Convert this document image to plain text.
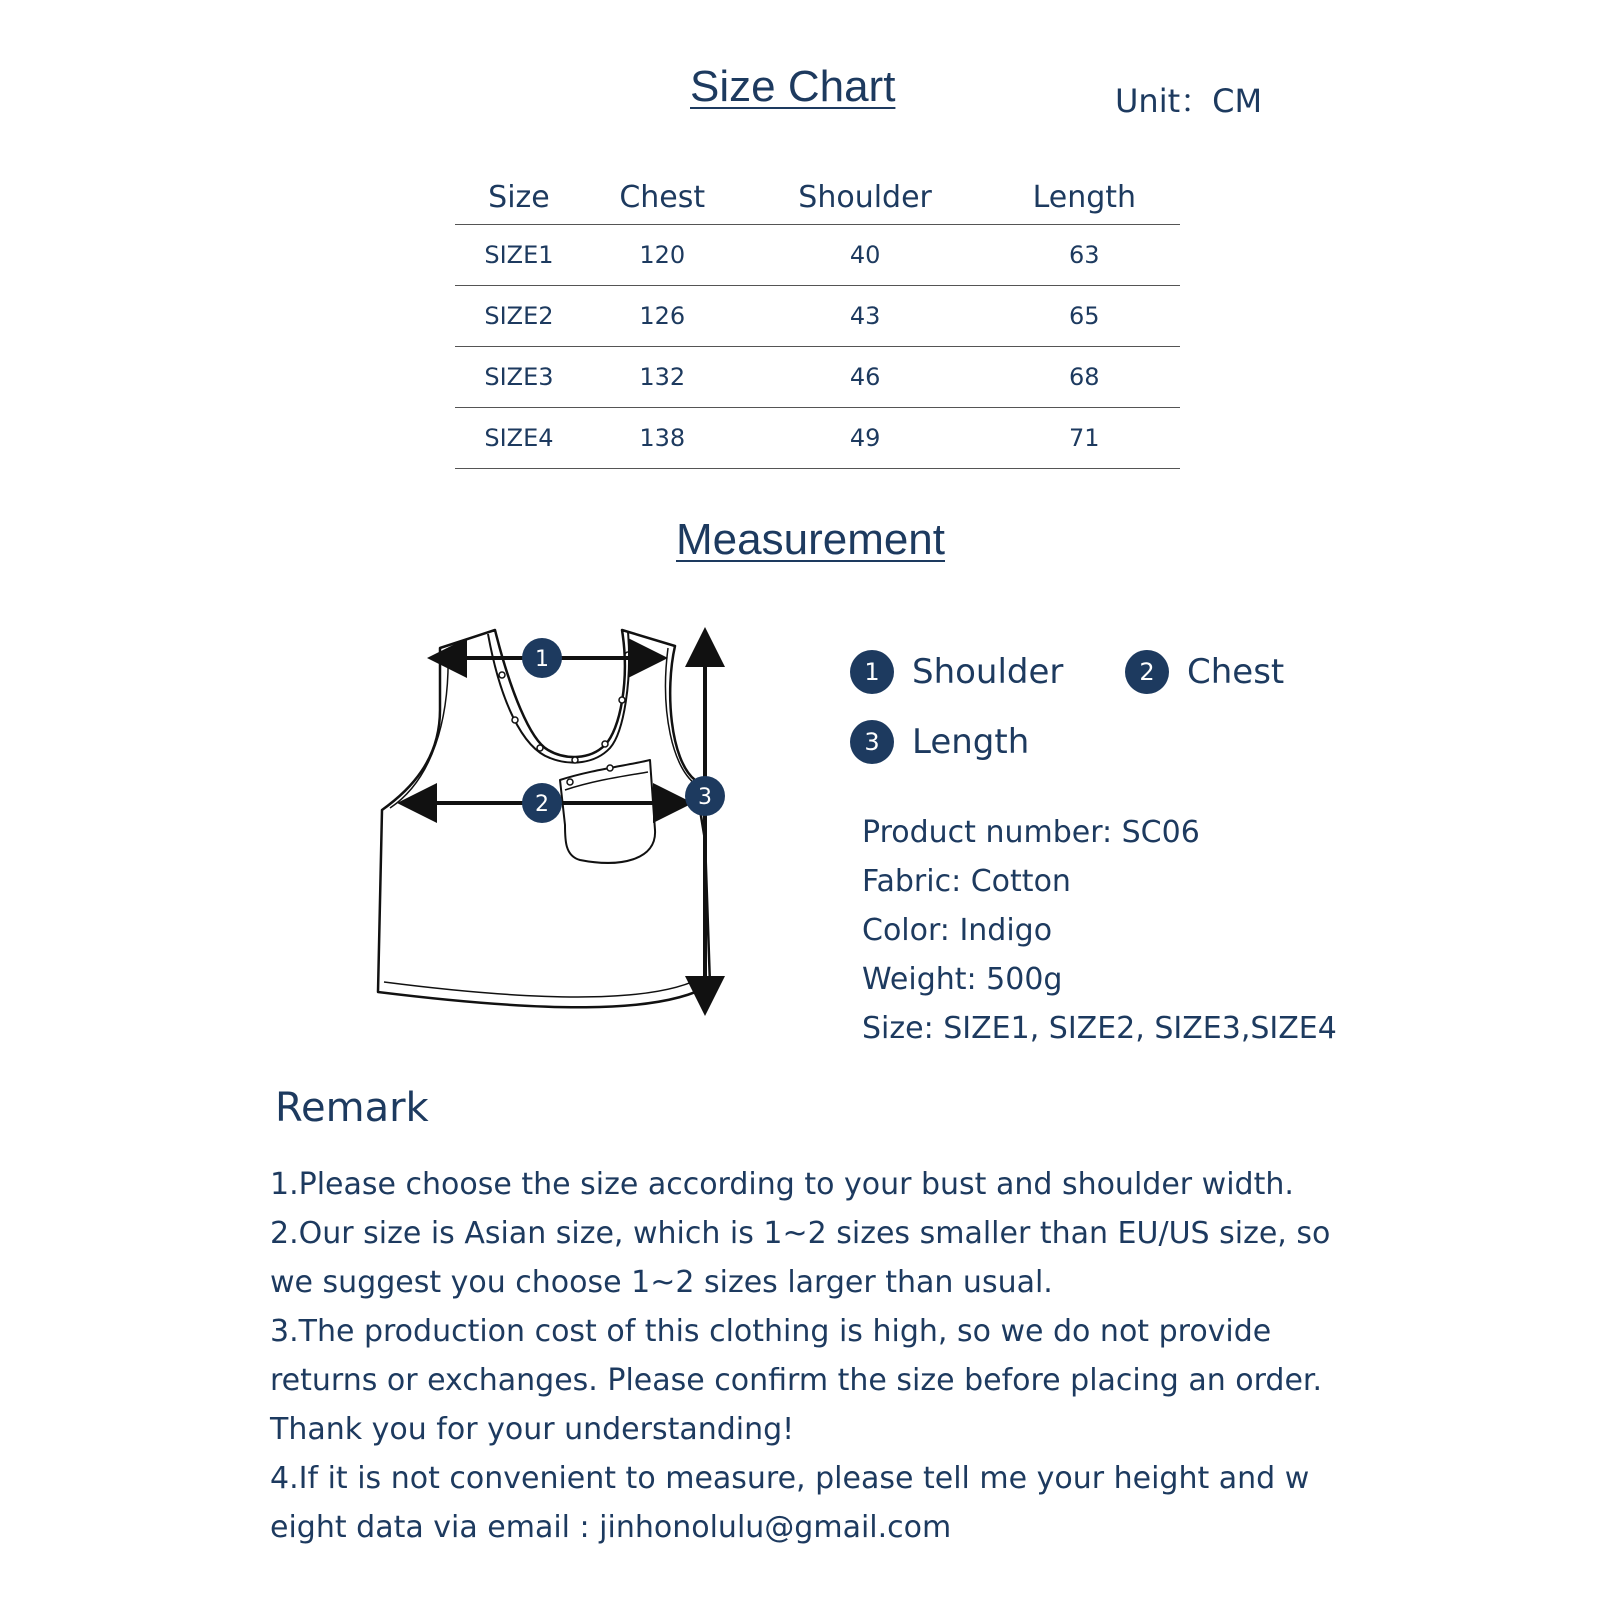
Size Chart	Unit：CM
Size	Chest	Shoulder	Length
SIZE1	120	40	63
SIZE2	126	43	65
SIZE3	132	46	68
SIZE4	138	49	71
Measurement
1
2	3
1 Shoulder	2 Chest
3 Length
Product number: SC06
Fabric: Cotton
Color: Indigo
Weight: 500g
Size: SIZE1, SIZE2, SIZE3,SIZE4
Remark
1.Please choose the size according to your bust and shoulder width.
2.Our size is Asian size, which is 1~2 sizes smaller than EU/US size, so we suggest you choose 1~2 sizes larger than usual.
3.The production cost of this clothing is high, so we do not provide returns or exchanges. Please confirm the size before placing an order. Thank you for your understanding!
4.If it is not convenient to measure, please tell me your height and w eight data via email : jinhonolulu@gmail.com
